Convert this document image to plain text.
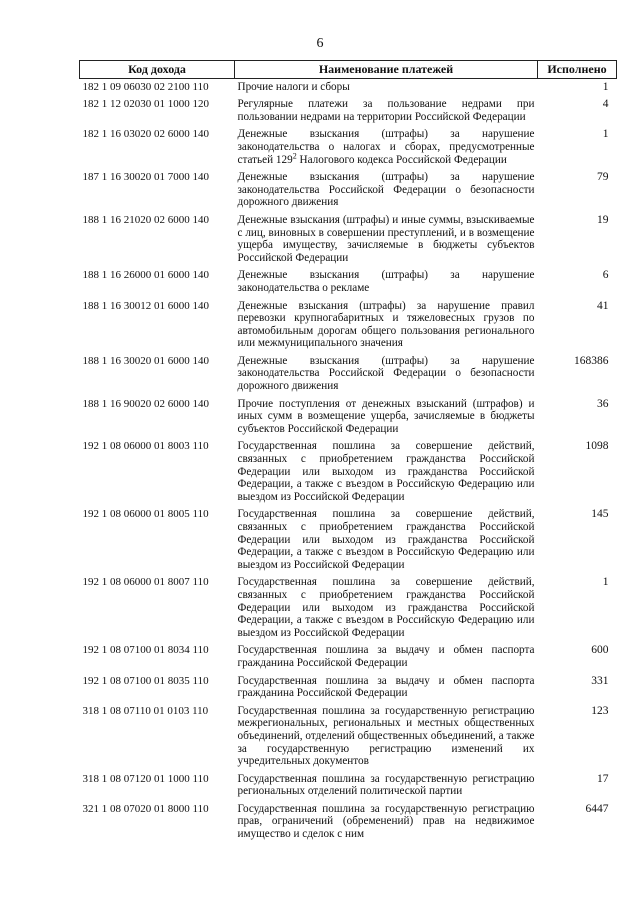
6
Код дохода	Наименование платежей	Исполнено
182 1 09 06030 02 2100 110	Прочие налоги и сборы	1
182 1 12 02030 01 1000 120	Регулярные платежи за пользование недрами при пользовании недрами на территории Российской Федерации	4
182 1 16 03020 02 6000 140	Денежные взыскания (штрафы) за нарушение законодательства о налогах и сборах, предусмотренные статьей $129^2$ Налогового кодекса Российской Федерации	1
187 1 16 30020 01 7000 140	Денежные взыскания (штрафы) за нарушение законодательства Российской Федерации о безопасности дорожного движения	79
188 1 16 21020 02 6000 140	Денежные взыскания (штрафы) и иные суммы, взыскиваемые с лиц, виновных в совершении преступлений, и в возмещение ущерба имуществу, зачисляемые в бюджеты субъектов Российской Федерации	19
188 1 16 26000 01 6000 140	Денежные взыскания (штрафы) за нарушение законодательства о рекламе	6
188 1 16 30012 01 6000 140	Денежные взыскания (штрафы) за нарушение правил перевозки крупногабаритных и тяжеловесных грузов по автомобильным дорогам общего пользования регионального или межмуниципального значения	41
188 1 16 30020 01 6000 140	Денежные взыскания (штрафы) за нарушение законодательства Российской Федерации о безопасности дорожного движения	168386
188 1 16 90020 02 6000 140	Прочие поступления от денежных взысканий (штрафов) и иных сумм в возмещение ущерба, зачисляемые в бюджеты субъектов Российской Федерации	36
192 1 08 06000 01 8003 110	Государственная пошлина за совершение действий, связанных с приобретением гражданства Российской Федерации или выходом из гражданства Российской Федерации, а также с въездом в Российскую Федерацию или выездом из Российской Федерации	1098
192 1 08 06000 01 8005 110	Государственная пошлина за совершение действий, связанных с приобретением гражданства Российской Федерации или выходом из гражданства Российской Федерации, а также с въездом в Российскую Федерацию или выездом из Российской Федерации	145
192 1 08 06000 01 8007 110	Государственная пошлина за совершение действий, связанных с приобретением гражданства Российской Федерации или выходом из гражданства Российской Федерации, а также с въездом в Российскую Федерацию или выездом из Российской Федерации	1
192 1 08 07100 01 8034 110	Государственная пошлина за выдачу и обмен паспорта гражданина Российской Федерации	600
192 1 08 07100 01 8035 110	Государственная пошлина за выдачу и обмен паспорта гражданина Российской Федерации	331
318 1 08 07110 01 0103 110	Государственная пошлина за государственную регистрацию межрегиональных, региональных и местных общественных объединений, отделений общественных объединений, а также за государственную регистрацию изменений их учредительных документов	123
318 1 08 07120 01 1000 110	Государственная пошлина за государственную регистрацию региональных отделений политической партии	17
321 1 08 07020 01 8000 110	Государственная пошлина за государственную регистрацию прав, ограничений (обременений) прав на недвижимое имущество и сделок с ним	6447
